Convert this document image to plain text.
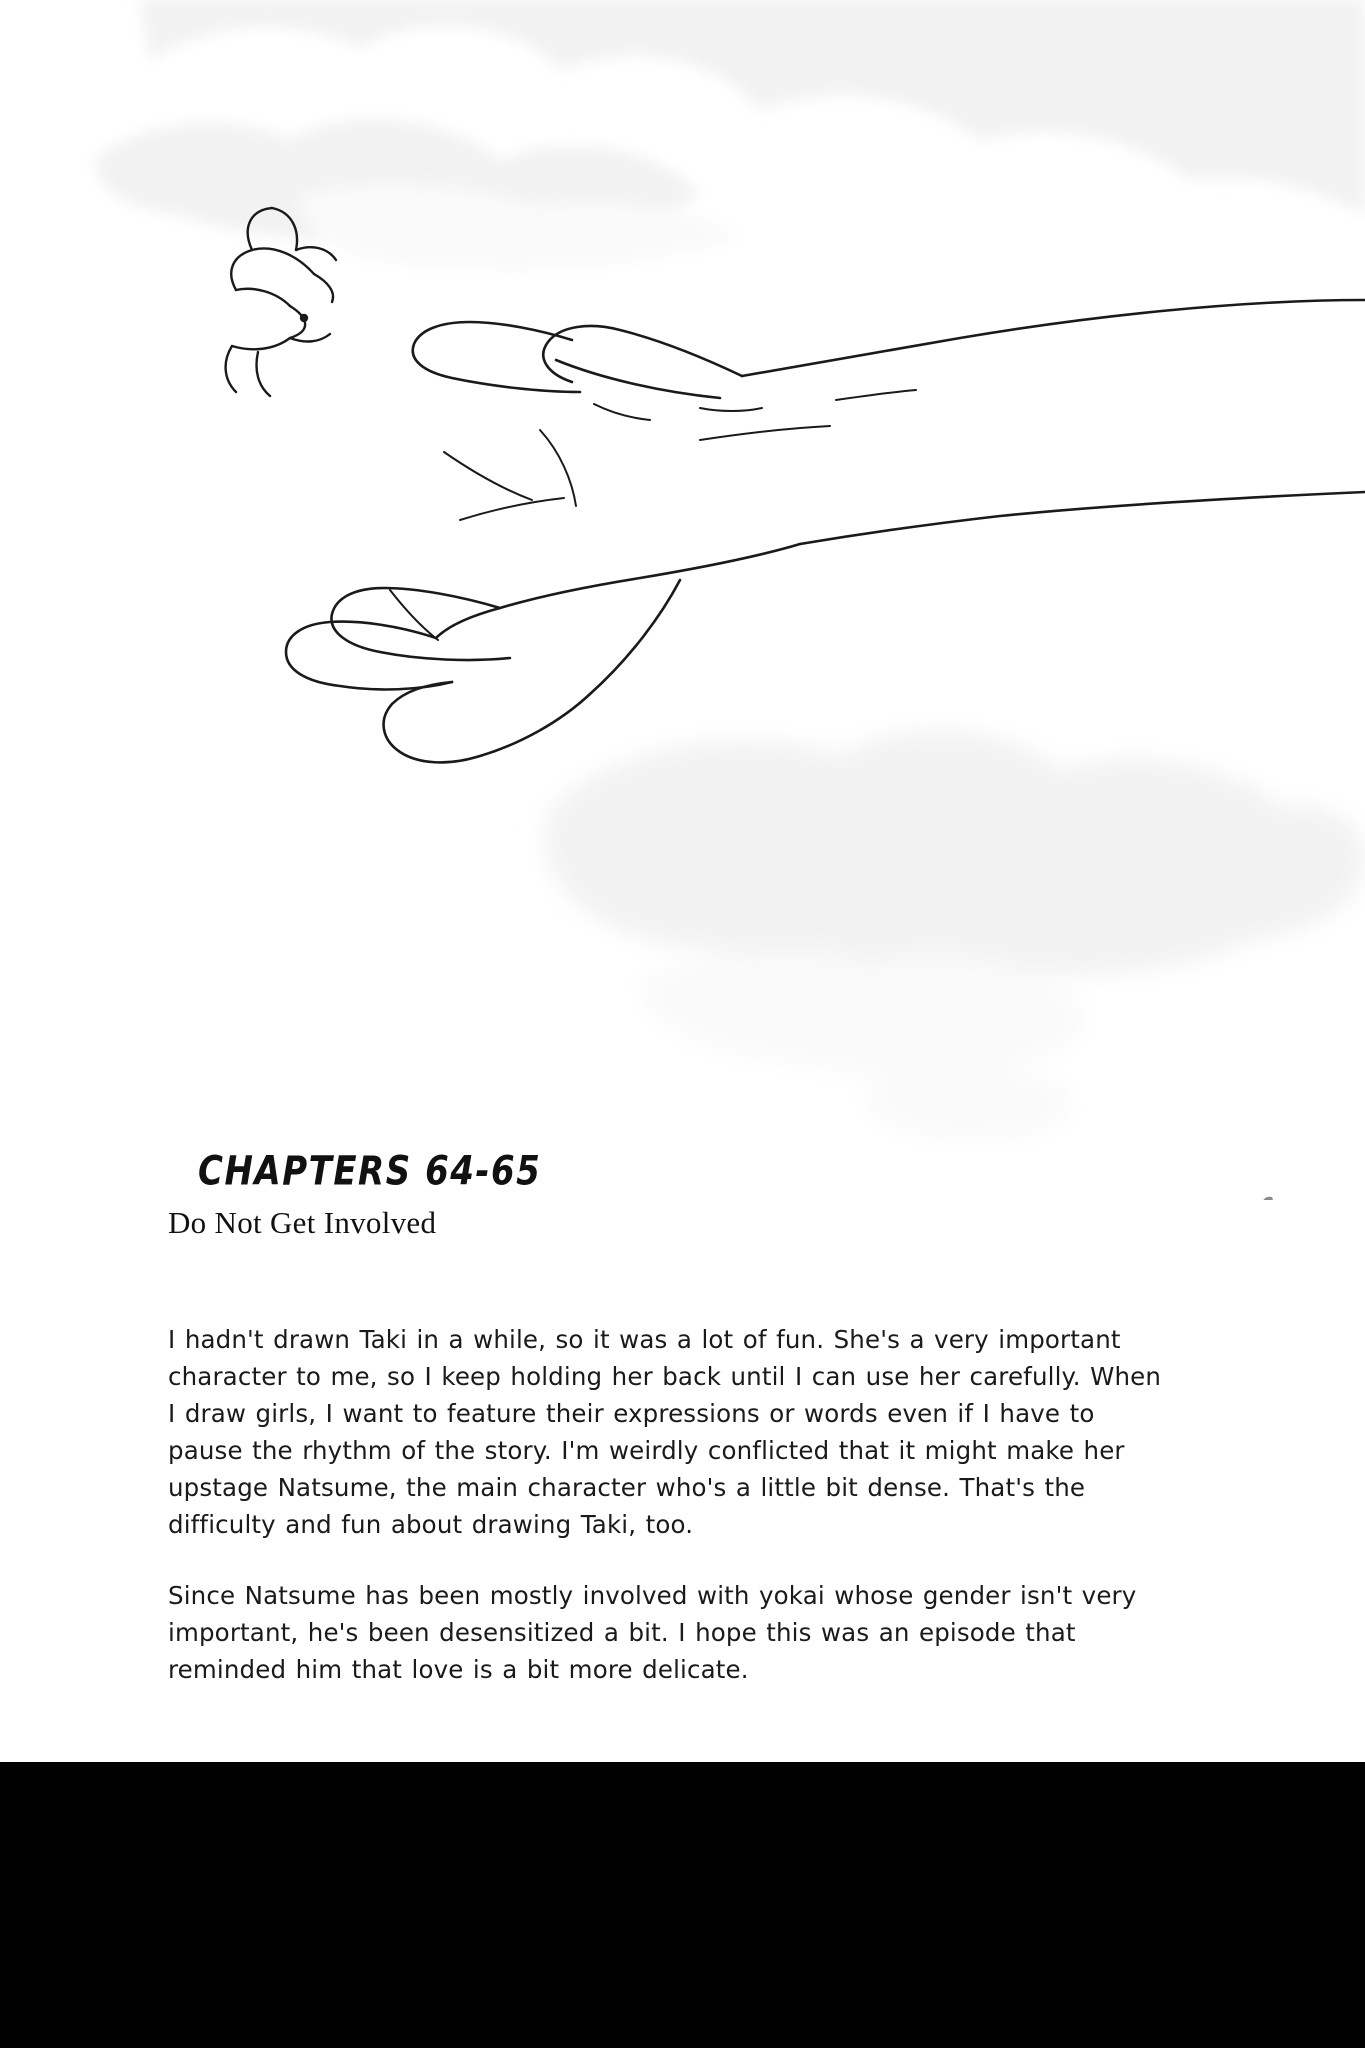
CHAPTERS 64-65
Do Not Get Involved

I hadn't drawn Taki in a while, so it was a lot of fun. She's a very important character to me, so I keep holding her back until I can use her carefully. When I draw girls, I want to feature their expressions or words even if I have to pause the rhythm of the story. I'm weirdly conflicted that it might make her upstage Natsume, the main character who's a little bit dense. That's the difficulty and fun about drawing Taki, too.

Since Natsume has been mostly involved with yokai whose gender isn't very important, he's been desensitized a bit. I hope this was an episode that reminded him that love is a bit more delicate.
